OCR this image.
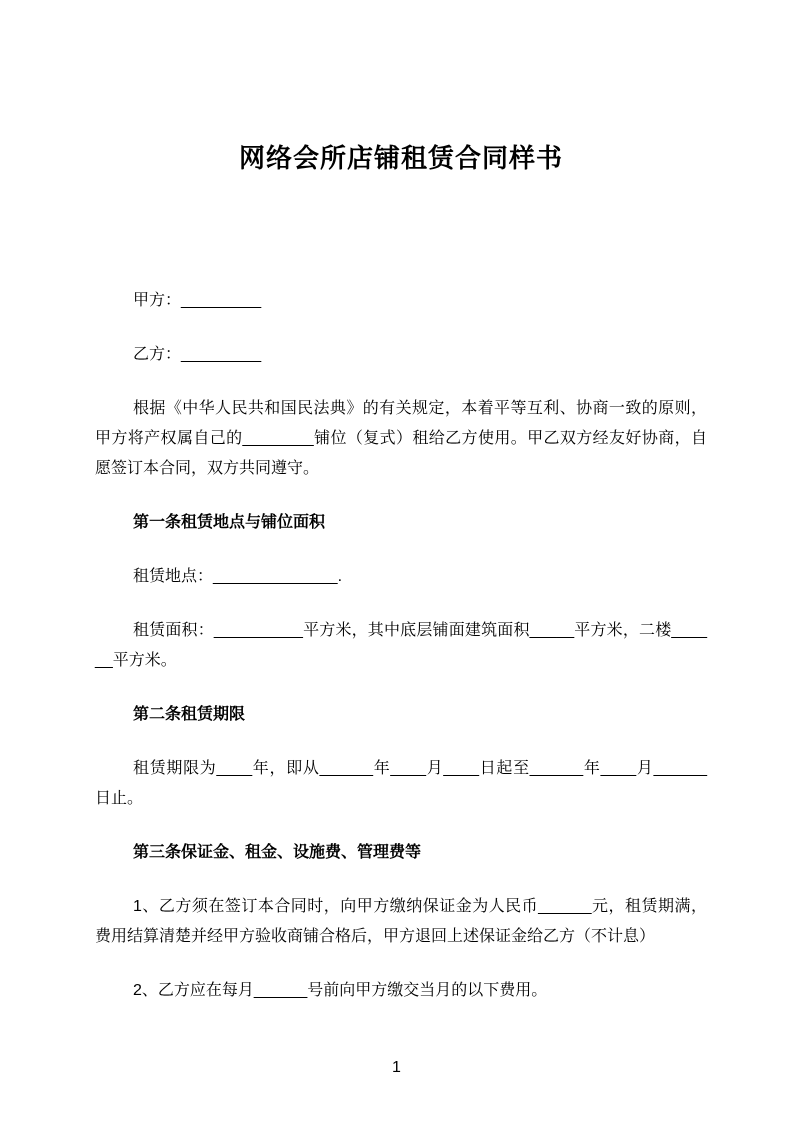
网络会所店铺租赁合同样书

甲方：_________

乙方：_________

根据《中华人民共和国民法典》的有关规定，本着平等互利、协商一致的原则，甲方将产权属自己的________铺位（复式）租给乙方使用。甲乙双方经友好协商，自愿签订本合同，双方共同遵守。

第一条租赁地点与铺位面积

租赁地点：______________.

租赁面积：__________平方米，其中底层铺面建筑面积_____平方米，二楼______平方米。

第二条租赁期限

租赁期限为____年，即从______年____月____日起至______年____月______日止。

第三条保证金、租金、设施费、管理费等

1、乙方须在签订本合同时，向甲方缴纳保证金为人民币______元，租赁期满，费用结算清楚并经甲方验收商铺合格后，甲方退回上述保证金给乙方（不计息）

2、乙方应在每月______号前向甲方缴交当月的以下费用。

1
